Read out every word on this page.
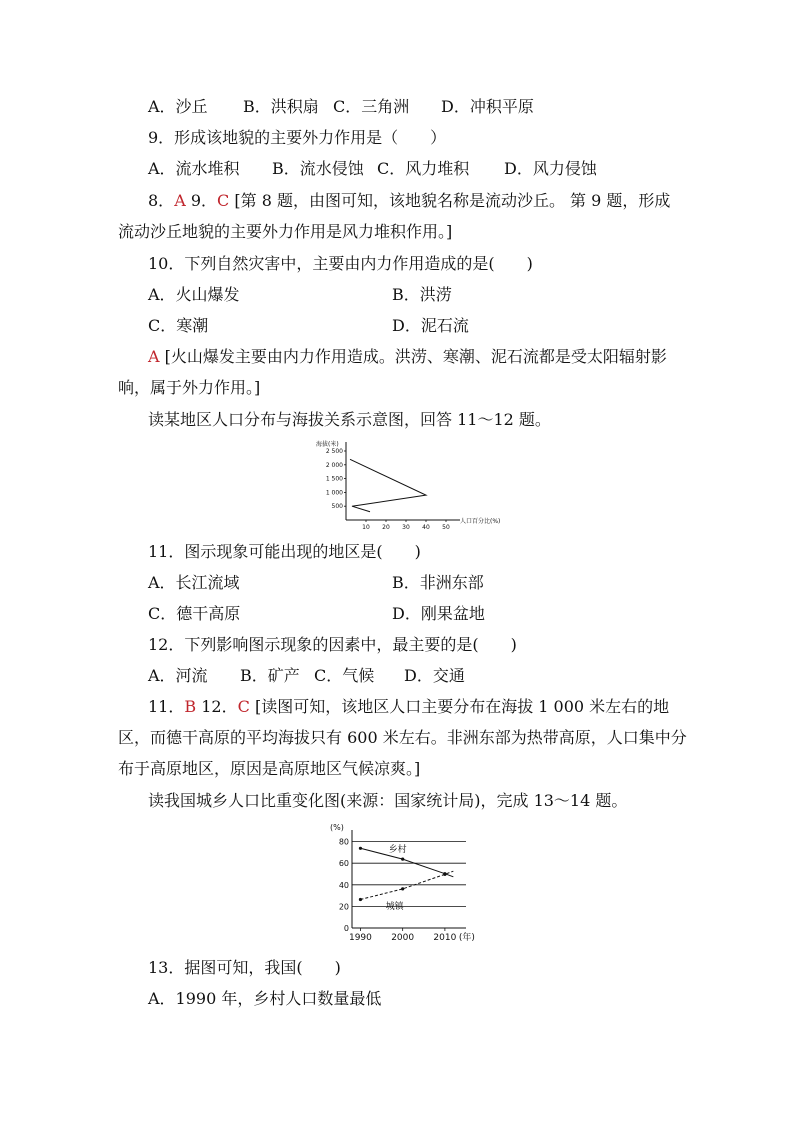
A．沙丘 B．洪积扇 C．三角洲 D．冲积平原
9．形成该地貌的主要外力作用是（　　）
A．流水堆积 B．流水侵蚀 C．风力堆积 D．风力侵蚀
8．A 9．C [第 8 题，由图可知，该地貌名称是流动沙丘。 第 9 题，形成
流动沙丘地貌的主要外力作用是风力堆积作用。]
10．下列自然灾害中，主要由内力作用造成的是(　　)
A．火山爆发	B．洪涝
C．寒潮	D．泥石流
A [火山爆发主要由内力作用造成。洪涝、寒潮、泥石流都是受太阳辐射影
响，属于外力作用。]
读某地区人口分布与海拔关系示意图，回答 11～12 题。
海拔(米)
人口百分比(%)
2 500
2 000
1 500
1 000
500
10 20 30 40 50
11．图示现象可能出现的地区是(　　)
A．长江流域	B．非洲东部
C．德干高原	D．刚果盆地
12．下列影响图示现象的因素中，最主要的是(　　)
A．河流 B．矿产 C．气候 D．交通
11．B 12．C [读图可知，该地区人口主要分布在海拔 1 000 米左右的地
区，而德干高原的平均海拔只有 600 米左右。非洲东部为热带高原，人口集中分
布于高原地区，原因是高原地区气候凉爽。]
读我国城乡人口比重变化图(来源：国家统计局)，完成 13～14 题。
(%)
0
20
40
60
80
1990 2000 2010 (年)
乡村
城镇
13．据图可知，我国(　　)
A．1990 年，乡村人口数量最低
